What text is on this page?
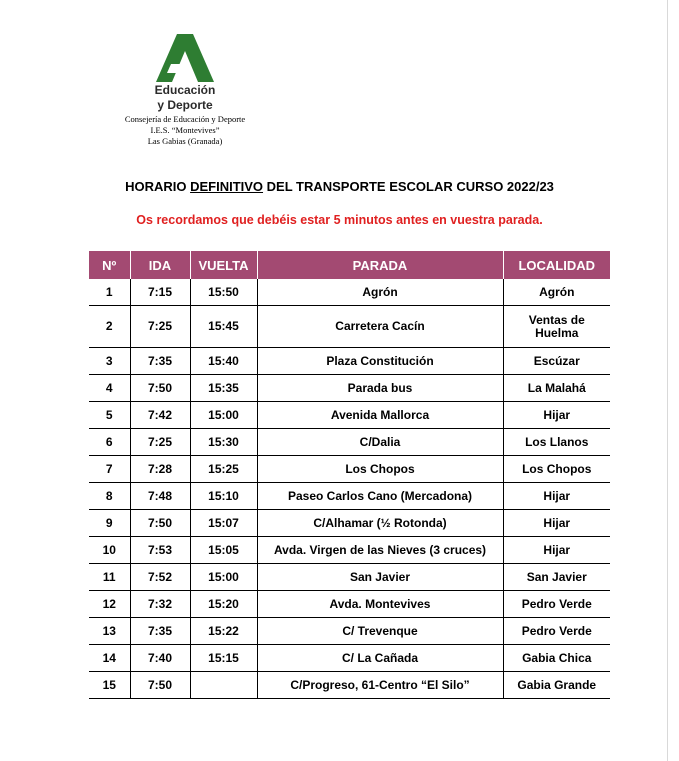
Educación
y Deporte
Consejería de Educación y Deporte
I.E.S. “Montevives”
Las Gabias (Granada)
HORARIO DEFINITIVO DEL TRANSPORTE ESCOLAR CURSO 2022/23
Os recordamos que debéis estar 5 minutos antes en vuestra parada.
Nº	IDA	VUELTA	PARADA	LOCALIDAD
1	7:15	15:50	Agrón	Agrón
2	7:25	15:45	Carretera Cacín	Ventas de Huelma
3	7:35	15:40	Plaza Constitución	Escúzar
4	7:50	15:35	Parada bus	La Malahá
5	7:42	15:00	Avenida Mallorca	Hijar
6	7:25	15:30	C/Dalia	Los Llanos
7	7:28	15:25	Los Chopos	Los Chopos
8	7:48	15:10	Paseo Carlos Cano (Mercadona)	Hijar
9	7:50	15:07	C/Alhamar (½ Rotonda)	Hijar
10	7:53	15:05	Avda. Virgen de las Nieves (3 cruces)	Hijar
11	7:52	15:00	San Javier	San Javier
12	7:32	15:20	Avda. Montevives	Pedro Verde
13	7:35	15:22	C/ Trevenque	Pedro Verde
14	7:40	15:15	C/ La Cañada	Gabia Chica
15	7:50		C/Progreso, 61-Centro “El Silo”	Gabia Grande
